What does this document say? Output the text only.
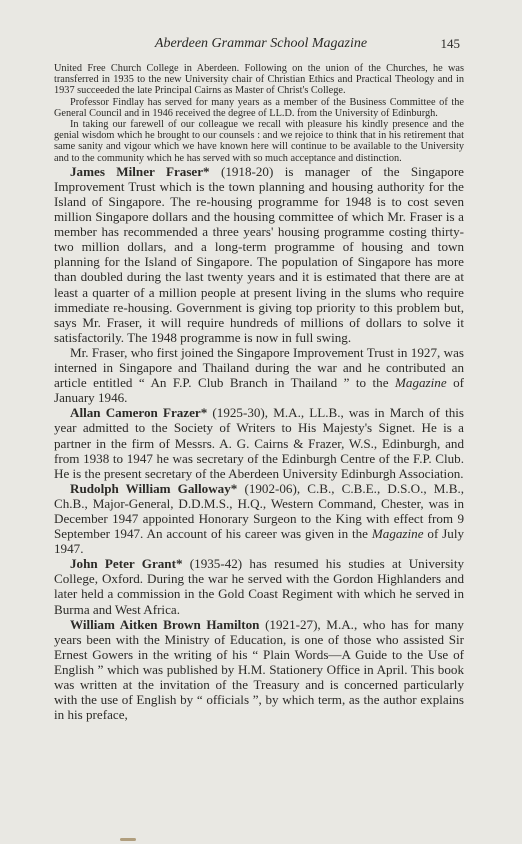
Aberdeen Grammar School Magazine	145

United Free Church College in Aberdeen. Following on the union of the Churches, he was transferred in 1935 to the new University chair of Christian Ethics and Practical Theology and in 1937 succeeded the late Principal Cairns as Master of Christ's College.

Professor Findlay has served for many years as a member of the Business Committee of the General Council and in 1946 received the degree of LL.D. from the University of Edinburgh.

In taking our farewell of our colleague we recall with pleasure his kindly presence and the genial wisdom which he brought to our counsels : and we rejoice to think that in his retirement that same sanity and vigour which we have known here will continue to be available to the University and to the community which he has served with so much acceptance and distinction.

James Milner Fraser* (1918-20) is manager of the Singapore Improvement Trust which is the town planning and housing authority for the Island of Singapore. The re-housing programme for 1948 is to cost seven million Singapore dollars and the housing committee of which Mr. Fraser is a member has recommended a three years' housing programme costing thirty-two million dollars, and a long-term programme of housing and town planning for the Island of Singapore. The population of Singapore has more than doubled during the last twenty years and it is estimated that there are at least a quarter of a million people at present living in the slums who require immediate re-housing. Government is giving top priority to this problem but, says Mr. Fraser, it will require hundreds of millions of dollars to solve it satisfactorily. The 1948 programme is now in full swing.

Mr. Fraser, who first joined the Singapore Improvement Trust in 1927, was interned in Singapore and Thailand during the war and he contributed an article entitled “ An F.P. Club Branch in Thailand ” to the Magazine of January 1946.

Allan Cameron Frazer* (1925-30), M.A., LL.B., was in March of this year admitted to the Society of Writers to His Majesty's Signet. He is a partner in the firm of Messrs. A. G. Cairns & Frazer, W.S., Edinburgh, and from 1938 to 1947 he was secretary of the Edinburgh Centre of the F.P. Club. He is the present secretary of the Aberdeen University Edinburgh Association.

Rudolph William Galloway* (1902-06), C.B., C.B.E., D.S.O., M.B., Ch.B., Major-General, D.D.M.S., H.Q., Western Command, Chester, was in December 1947 appointed Honorary Surgeon to the King with effect from 9 September 1947. An account of his career was given in the Magazine of July 1947.

John Peter Grant* (1935-42) has resumed his studies at University College, Oxford. During the war he served with the Gordon Highlanders and later held a commission in the Gold Coast Regiment with which he served in Burma and West Africa.

William Aitken Brown Hamilton (1921-27), M.A., who has for many years been with the Ministry of Education, is one of those who assisted Sir Ernest Gowers in the writing of his “ Plain Words—A Guide to the Use of English ” which was published by H.M. Stationery Office in April. This book was written at the invitation of the Treasury and is concerned particularly with the use of English by “ officials ”, by which term, as the author explains in his preface,
